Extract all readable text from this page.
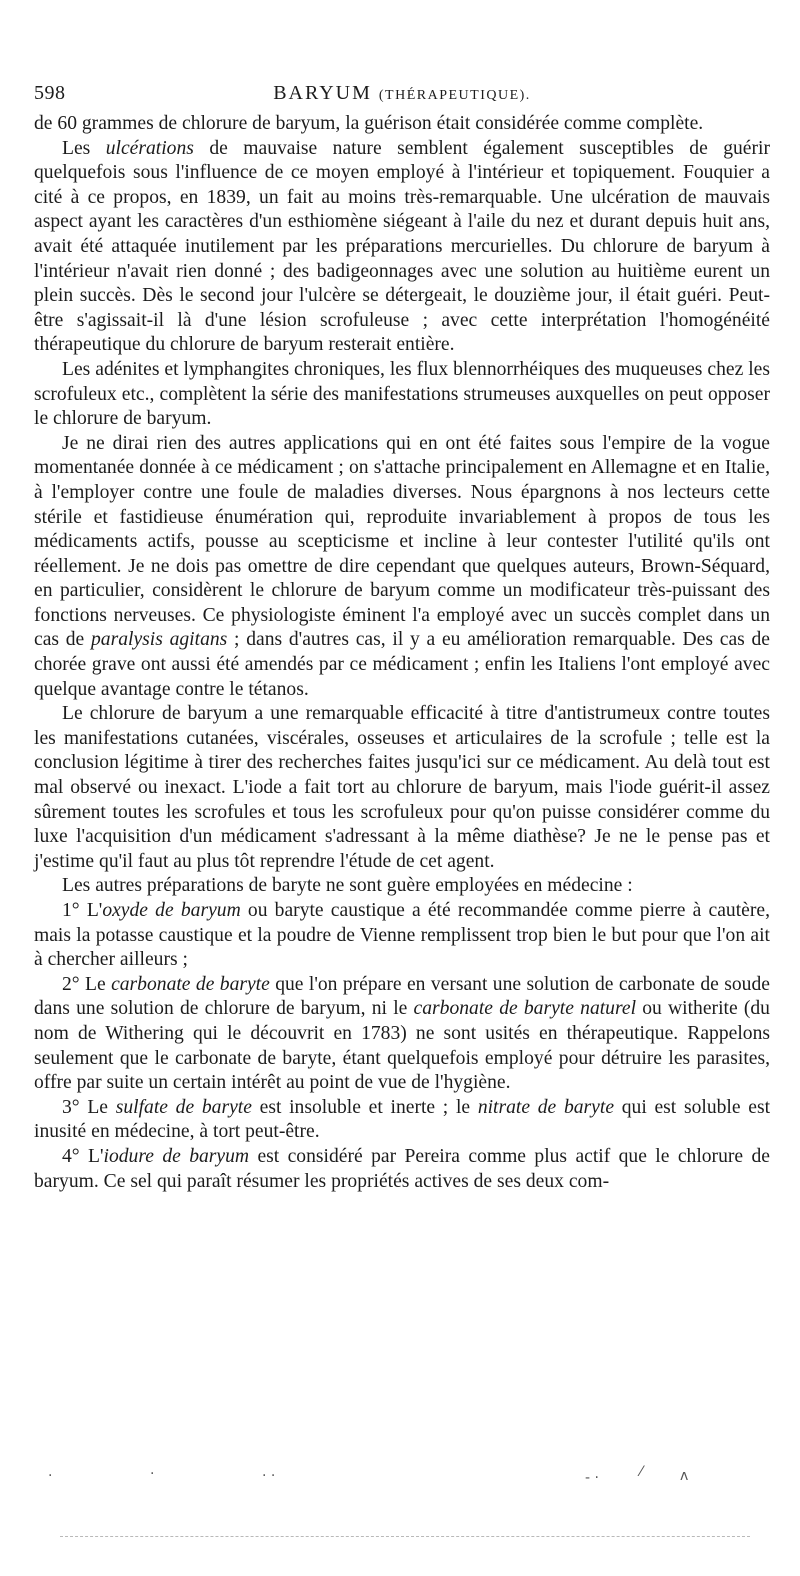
598	BARYUM (THÉRAPEUTIQUE).

de 60 grammes de chlorure de baryum, la guérison était considérée comme complète.

Les ulcérations de mauvaise nature semblent également susceptibles de guérir quelquefois sous l'influence de ce moyen employé à l'intérieur et topiquement. Fouquier a cité à ce propos, en 1839, un fait au moins très-remarquable. Une ulcération de mauvais aspect ayant les caractères d'un esthiomène siégeant à l'aile du nez et durant depuis huit ans, avait été attaquée inutilement par les préparations mercurielles. Du chlorure de baryum à l'intérieur n'avait rien donné ; des badigeonnages avec une solution au huitième eurent un plein succès. Dès le second jour l'ulcère se détergeait, le douzième jour, il était guéri. Peut-être s'agissait-il là d'une lésion scrofuleuse ; avec cette interprétation l'homogénéité thérapeutique du chlorure de baryum resterait entière.

Les adénites et lymphangites chroniques, les flux blennorrhéiques des muqueuses chez les scrofuleux etc., complètent la série des manifestations strumeuses auxquelles on peut opposer le chlorure de baryum.

Je ne dirai rien des autres applications qui en ont été faites sous l'empire de la vogue momentanée donnée à ce médicament ; on s'attache principalement en Allemagne et en Italie, à l'employer contre une foule de maladies diverses. Nous épargnons à nos lecteurs cette stérile et fastidieuse énumération qui, reproduite invariablement à propos de tous les médicaments actifs, pousse au scepticisme et incline à leur contester l'utilité qu'ils ont réellement. Je ne dois pas omettre de dire cependant que quelques auteurs, Brown-Séquard, en particulier, considèrent le chlorure de baryum comme un modificateur très-puissant des fonctions nerveuses. Ce physiologiste éminent l'a employé avec un succès complet dans un cas de paralysis agitans ; dans d'autres cas, il y a eu amélioration remarquable. Des cas de chorée grave ont aussi été amendés par ce médicament ; enfin les Italiens l'ont employé avec quelque avantage contre le tétanos.

Le chlorure de baryum a une remarquable efficacité à titre d'antistrumeux contre toutes les manifestations cutanées, viscérales, osseuses et articulaires de la scrofule ; telle est la conclusion légitime à tirer des recherches faites jusqu'ici sur ce médicament. Au delà tout est mal observé ou inexact. L'iode a fait tort au chlorure de baryum, mais l'iode guérit-il assez sûrement toutes les scrofules et tous les scrofuleux pour qu'on puisse considérer comme du luxe l'acquisition d'un médicament s'adressant à la même diathèse? Je ne le pense pas et j'estime qu'il faut au plus tôt reprendre l'étude de cet agent.

Les autres préparations de baryte ne sont guère employées en médecine :

1° L'oxyde de baryum ou baryte caustique a été recommandée comme pierre à cautère, mais la potasse caustique et la poudre de Vienne remplissent trop bien le but pour que l'on ait à chercher ailleurs ;

2° Le carbonate de baryte que l'on prépare en versant une solution de carbonate de soude dans une solution de chlorure de baryum, ni le carbonate de baryte naturel ou witherite (du nom de Withering qui le découvrit en 1783) ne sont usités en thérapeutique. Rappelons seulement que le carbonate de baryte, étant quelquefois employé pour détruire les parasites, offre par suite un certain intérêt au point de vue de l'hygiène.

3° Le sulfate de baryte est insoluble et inerte ; le nitrate de baryte qui est soluble est inusité en médecine, à tort peut-être.

4° L'iodure de baryum est considéré par Pereira comme plus actif que le chlorure de baryum. Ce sel qui paraît résumer les propriétés actives de ses deux com-

·	·	· ·	‑ ·	⁄	ᴧ
